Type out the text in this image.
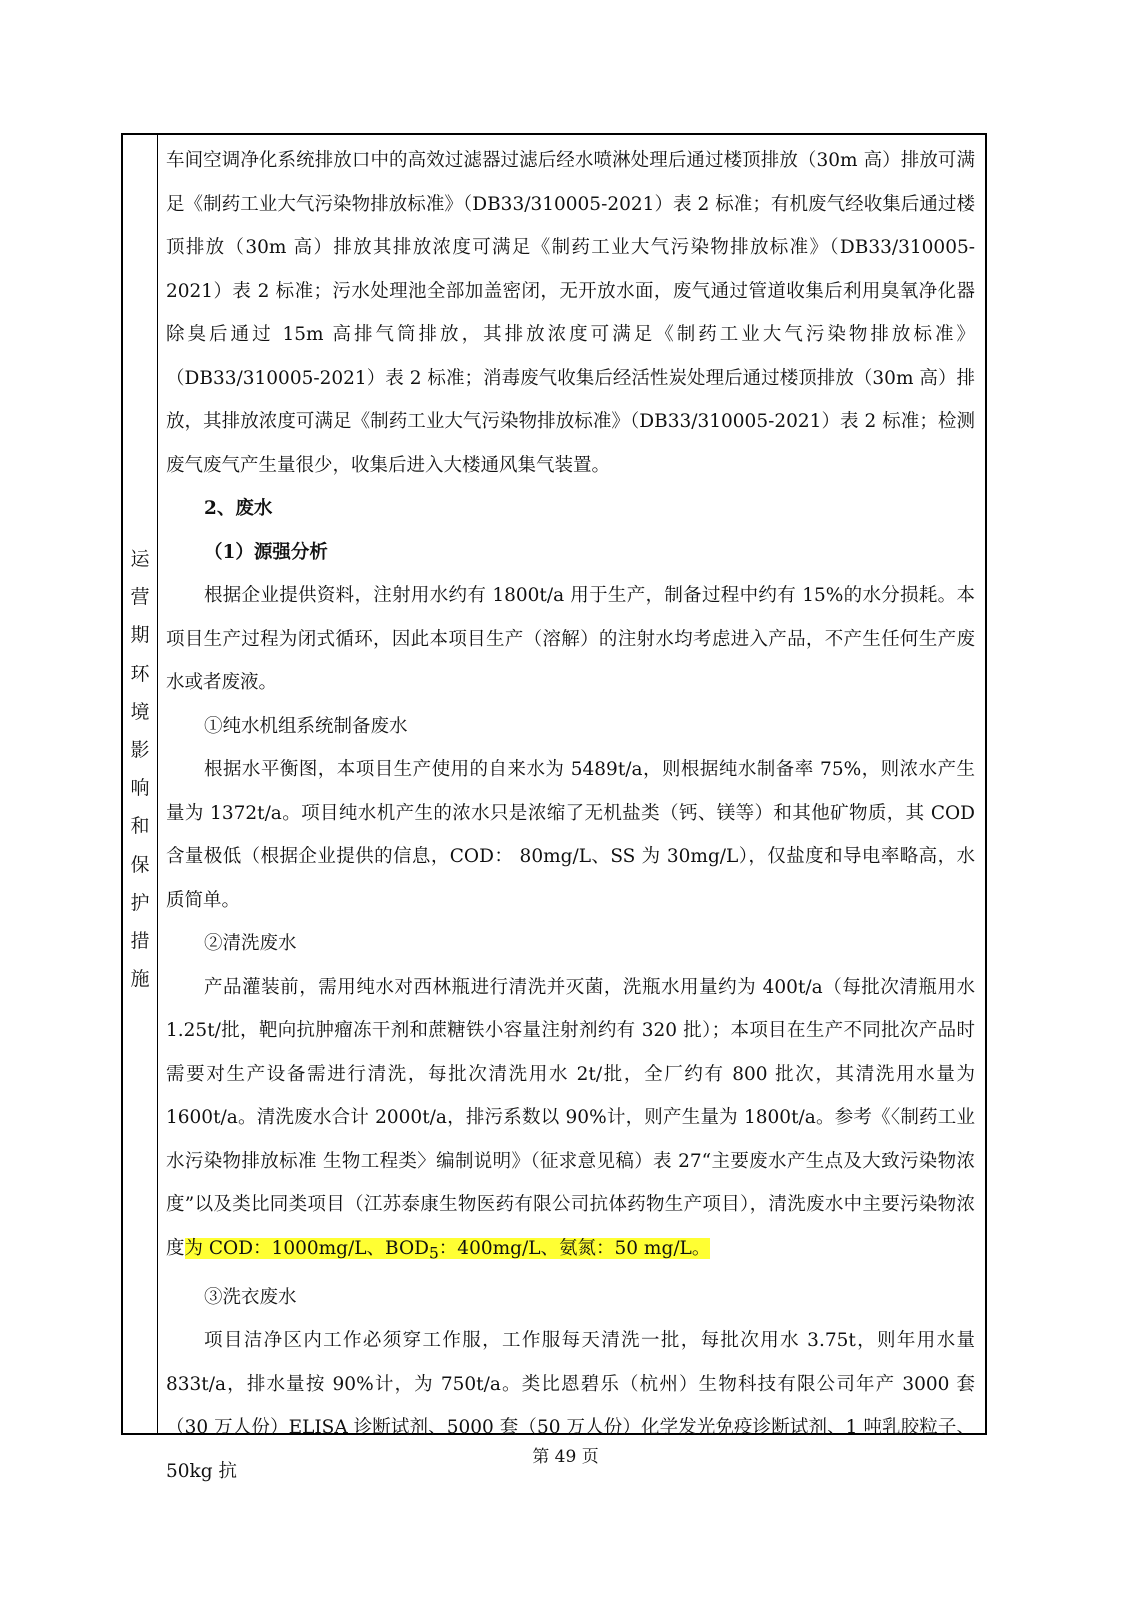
运
营
期
环
境
影
响
和
保
护
措
施

车间空调净化系统排放口中的高效过滤器过滤后经水喷淋处理后通过楼顶排放（30m 高）排放可满足《制药工业大气污染物排放标准》（DB33/310005-2021）表 2 标准；有机废气经收集后通过楼顶排放（30m 高）排放其排放浓度可满足《制药工业大气污染物排放标准》（DB33/310005-2021）表 2 标准；污水处理池全部加盖密闭，无开放水面，废气通过管道收集后利用臭氧净化器除臭后通过 15m 高排气筒排放，其排放浓度可满足《制药工业大气污染物排放标准》（DB33/310005-2021）表 2 标准；消毒废气收集后经活性炭处理后通过楼顶排放（30m 高）排放，其排放浓度可满足《制药工业大气污染物排放标准》（DB33/310005-2021）表 2 标准；检测废气废气产生量很少，收集后进入大楼通风集气装置。

2、废水

（1）源强分析

根据企业提供资料，注射用水约有 1800t/a 用于生产，制备过程中约有 15%的水分损耗。本项目生产过程为闭式循环，因此本项目生产（溶解）的注射水均考虑进入产品，不产生任何生产废水或者废液。

①纯水机组系统制备废水

根据水平衡图，本项目生产使用的自来水为 5489t/a，则根据纯水制备率 75%，则浓水产生量为 1372t/a。项目纯水机产生的浓水只是浓缩了无机盐类（钙、镁等）和其他矿物质，其 COD 含量极低（根据企业提供的信息，COD： 80mg/L、SS 为 30mg/L），仅盐度和导电率略高，水质简单。

②清洗废水

产品灌装前，需用纯水对西林瓶进行清洗并灭菌，洗瓶水用量约为 400t/a（每批次清瓶用水 1.25t/批，靶向抗肿瘤冻干剂和蔗糖铁小容量注射剂约有 320 批）；本项目在生产不同批次产品时需要对生产设备需进行清洗，每批次清洗用水 2t/批，全厂约有 800 批次，其清洗用水量为 1600t/a。清洗废水合计 2000t/a，排污系数以 90%计，则产生量为 1800t/a。参考《〈制药工业水污染物排放标准 生物工程类〉编制说明》（征求意见稿）表 27“主要废水产生点及大致污染物浓度”以及类比同类项目（江苏泰康生物医药有限公司抗体药物生产项目），清洗废水中主要污染物浓度为 COD：1000mg/L、$BOD_5$：400mg/L、氨氮：50 mg/L。

③洗衣废水

项目洁净区内工作必须穿工作服，工作服每天清洗一批，每批次用水 3.75t，则年用水量 833t/a，排水量按 90%计，为 750t/a。类比恩碧乐（杭州）生物科技有限公司年产 3000 套（30 万人份）ELISA 诊断试剂、5000 套（50 万人份）化学发光免疫诊断试剂、1 吨乳胶粒子、50kg 抗

第 49 页
